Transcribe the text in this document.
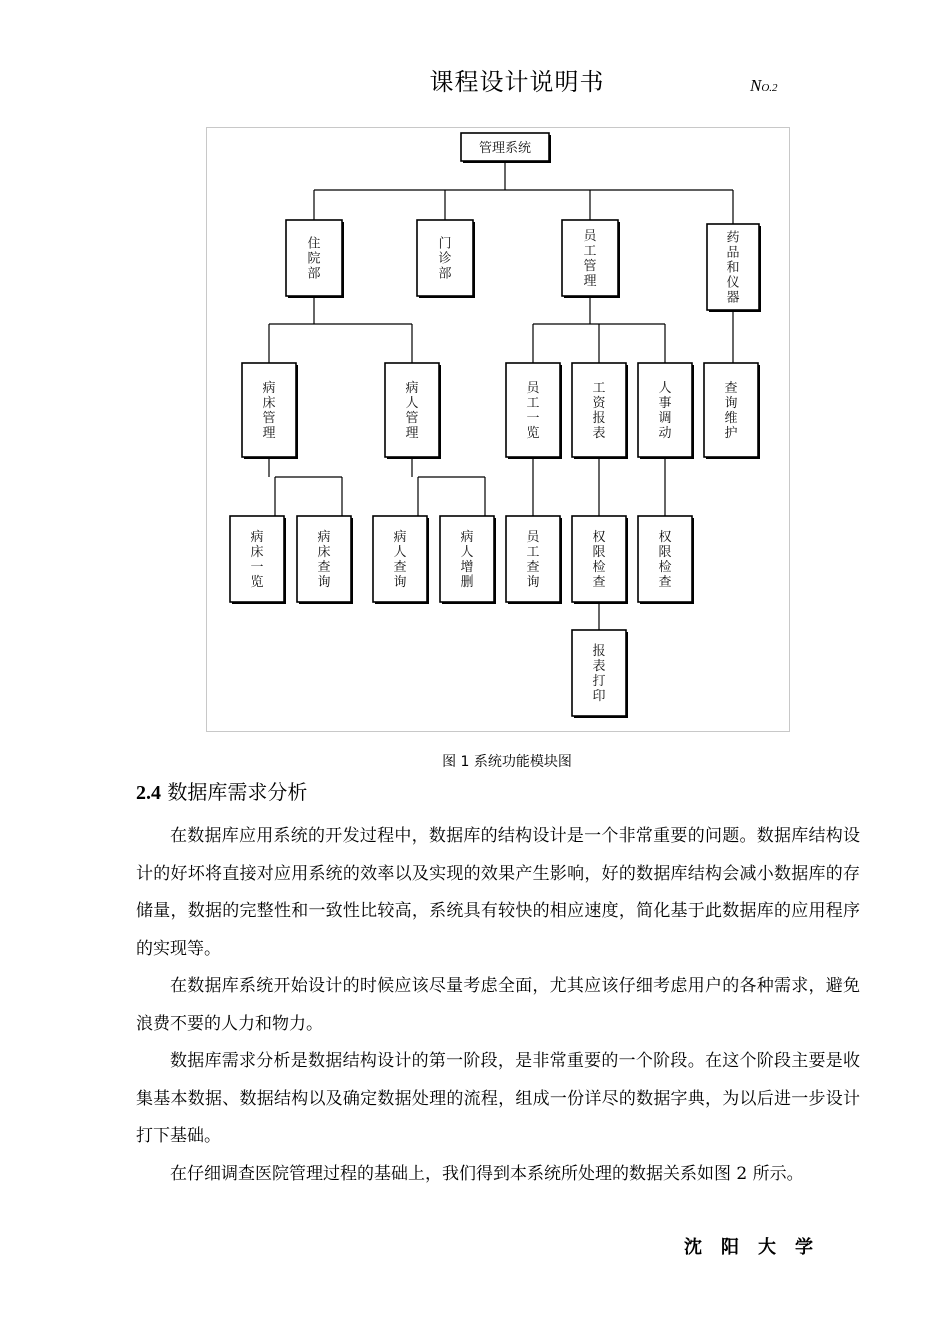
课程设计说明书	NO.2
管理系统
住院部
门诊部
员工管理
药品和仪器
病床管理
病人管理
员工一览
工资报表
人事调动
查询维护
病床一览
病床查询
病人查询
病人增删
员工查询
权限检查
权限检查
报表打印
图 1 系统功能模块图
2.4 数据库需求分析

在数据库应用系统的开发过程中，数据库的结构设计是一个非常重要的问题。数据库结构设计的好坏将直接对应用系统的效率以及实现的效果产生影响，好的数据库结构会减小数据库的存储量，数据的完整性和一致性比较高，系统具有较快的相应速度，简化基于此数据库的应用程序的实现等。

在数据库系统开始设计的时候应该尽量考虑全面，尤其应该仔细考虑用户的各种需求，避免浪费不要的人力和物力。

数据库需求分析是数据结构设计的第一阶段，是非常重要的一个阶段。在这个阶段主要是收集基本数据、数据结构以及确定数据处理的流程，组成一份详尽的数据字典，为以后进一步设计打下基础。

在仔细调查医院管理过程的基础上，我们得到本系统所处理的数据关系如图 2 所示。

沈阳大学
